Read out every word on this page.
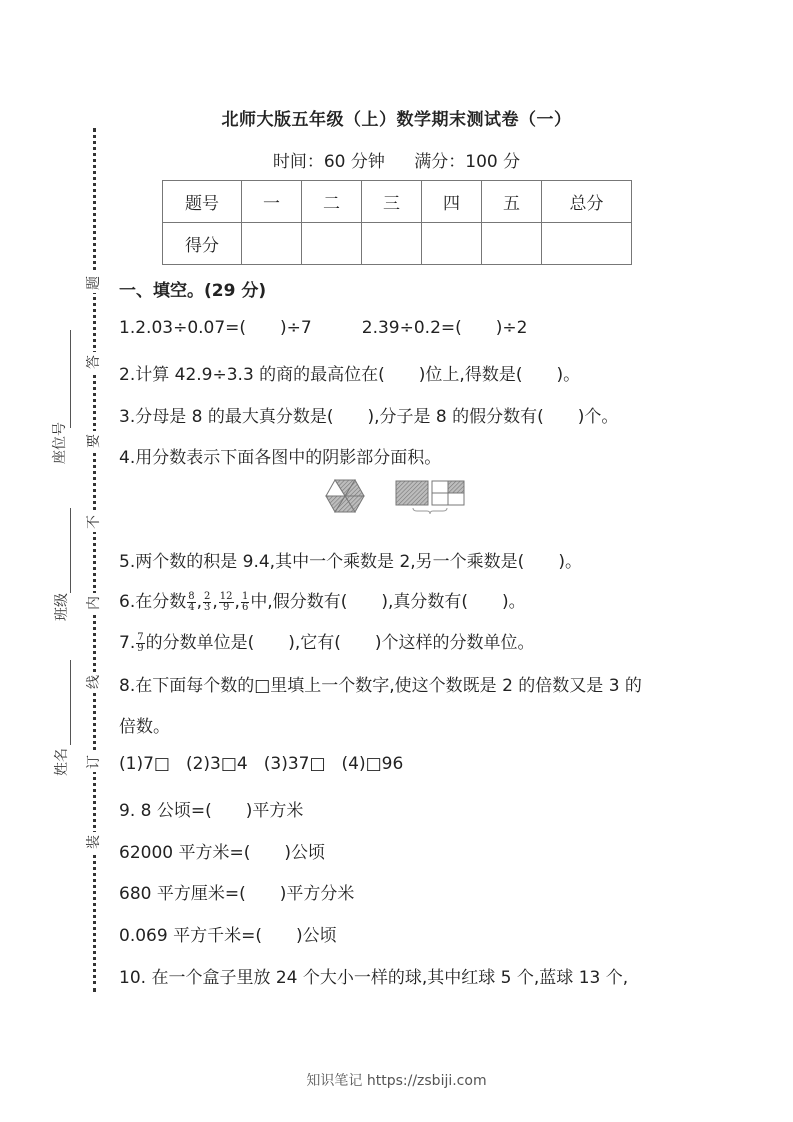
题
答
要
不
内
线
订
装
座位号
班级
姓名
北师大版五年级（上）数学期末测试卷（一）
时间：60 分钟 满分：100 分
题号	一	二	三	四	五	总分
得分						
一、填空。(29 分)
1.2.03÷0.07=( )÷7	2.39÷0.2=( )÷2
2.计算 42.9÷3.3 的商的最高位在( )位上,得数是( )。
3.分母是 8 的最大真分数是( ),分子是 8 的假分数有( )个。
4.用分数表示下面各图中的阴影部分面积。
5.两个数的积是 9.4,其中一个乘数是 2,另一个乘数是( )。
6.在分数 $\frac{8}{4}$ , $\frac{2}{3}$ , $\frac{12}{9}$ , $\frac{1}{6}$ 中,假分数有( ),真分数有( )。
7. $\frac{7}{9}$ 的分数单位是( ),它有( )个这样的分数单位。
8.在下面每个数的□里填上一个数字,使这个数既是 2 的倍数又是 3 的
倍数。
(1)7□ (2)3□4 (3)37□ (4)□96
9. 8 公顷=( )平方米
62000 平方米=( )公顷
680 平方厘米=( )平方分米
0.069 平方千米=( )公顷
10. 在一个盒子里放 24 个大小一样的球,其中红球 5 个,蓝球 13 个,
知识笔记 https://zsbiji.com
